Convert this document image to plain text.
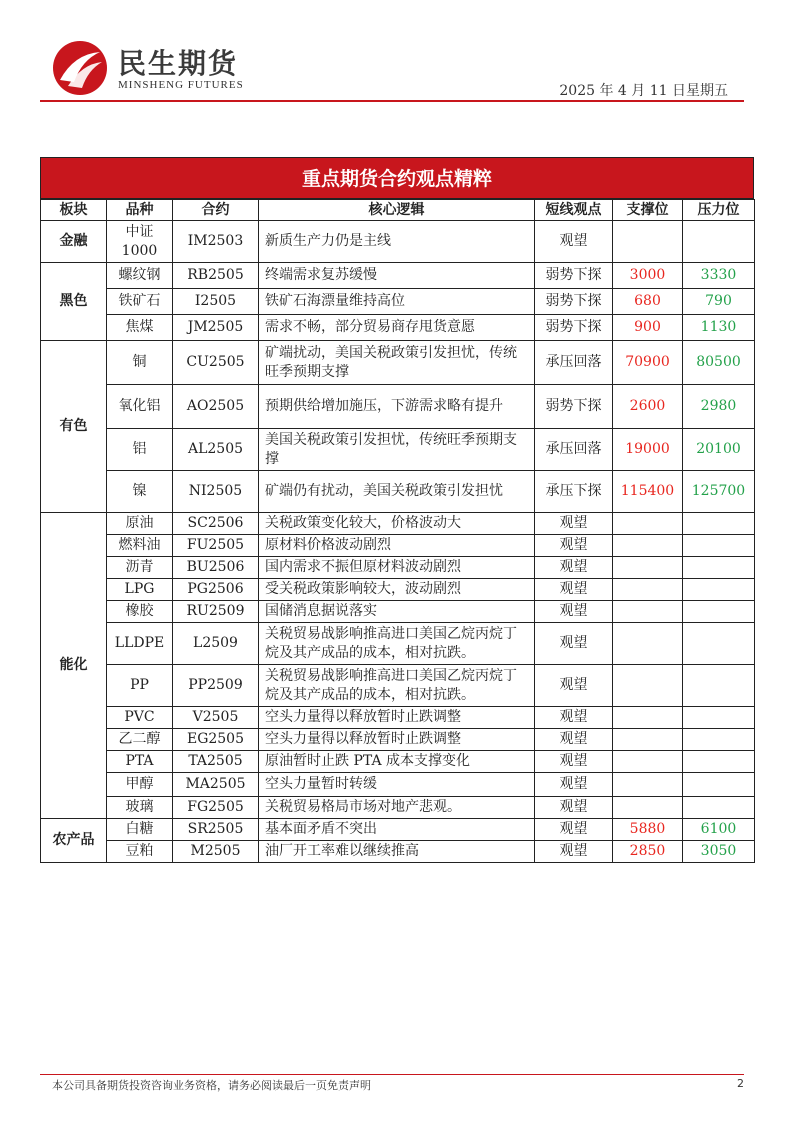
民生期货
MINSHENG FUTURES	2025 年 4 月 11 日星期五
重点期货合约观点精粹
板块	品种	合约	核心逻辑	短线观点	支撑位	压力位
金融	中证1000	IM2503	新质生产力仍是主线	观望		
黑色	螺纹钢	RB2505	终端需求复苏缓慢	弱势下探	3000	3330
	铁矿石	I2505	铁矿石海漂量维持高位	弱势下探	680	790
	焦煤	JM2505	需求不畅，部分贸易商存甩货意愿	弱势下探	900	1130
有色	铜	CU2505	矿端扰动，美国关税政策引发担忧，传统旺季预期支撑	承压回落	70900	80500
	氧化铝	AO2505	预期供给增加施压，下游需求略有提升	弱势下探	2600	2980
	铝	AL2505	美国关税政策引发担忧，传统旺季预期支撑	承压回落	19000	20100
	镍	NI2505	矿端仍有扰动，美国关税政策引发担忧	承压下探	115400	125700
能化	原油	SC2506	关税政策变化较大，价格波动大	观望		
	燃料油	FU2505	原材料价格波动剧烈	观望		
	沥青	BU2506	国内需求不振但原材料波动剧烈	观望		
	LPG	PG2506	受关税政策影响较大，波动剧烈	观望		
	橡胶	RU2509	国储消息据说落实	观望		
	LLDPE	L2509	关税贸易战影响推高进口美国乙烷丙烷丁烷及其产成品的成本，相对抗跌。	观望		
	PP	PP2509	关税贸易战影响推高进口美国乙烷丙烷丁烷及其产成品的成本，相对抗跌。	观望		
	PVC	V2505	空头力量得以释放暂时止跌调整	观望		
	乙二醇	EG2505	空头力量得以释放暂时止跌调整	观望		
	PTA	TA2505	原油暂时止跌 PTA 成本支撑变化	观望		
	甲醇	MA2505	空头力量暂时转缓	观望		
	玻璃	FG2505	关税贸易格局市场对地产悲观。	观望		
农产品	白糖	SR2505	基本面矛盾不突出	观望	5880	6100
	豆粕	M2505	油厂开工率难以继续推高	观望	2850	3050
本公司具备期货投资咨询业务资格，请务必阅读最后一页免责声明	2
